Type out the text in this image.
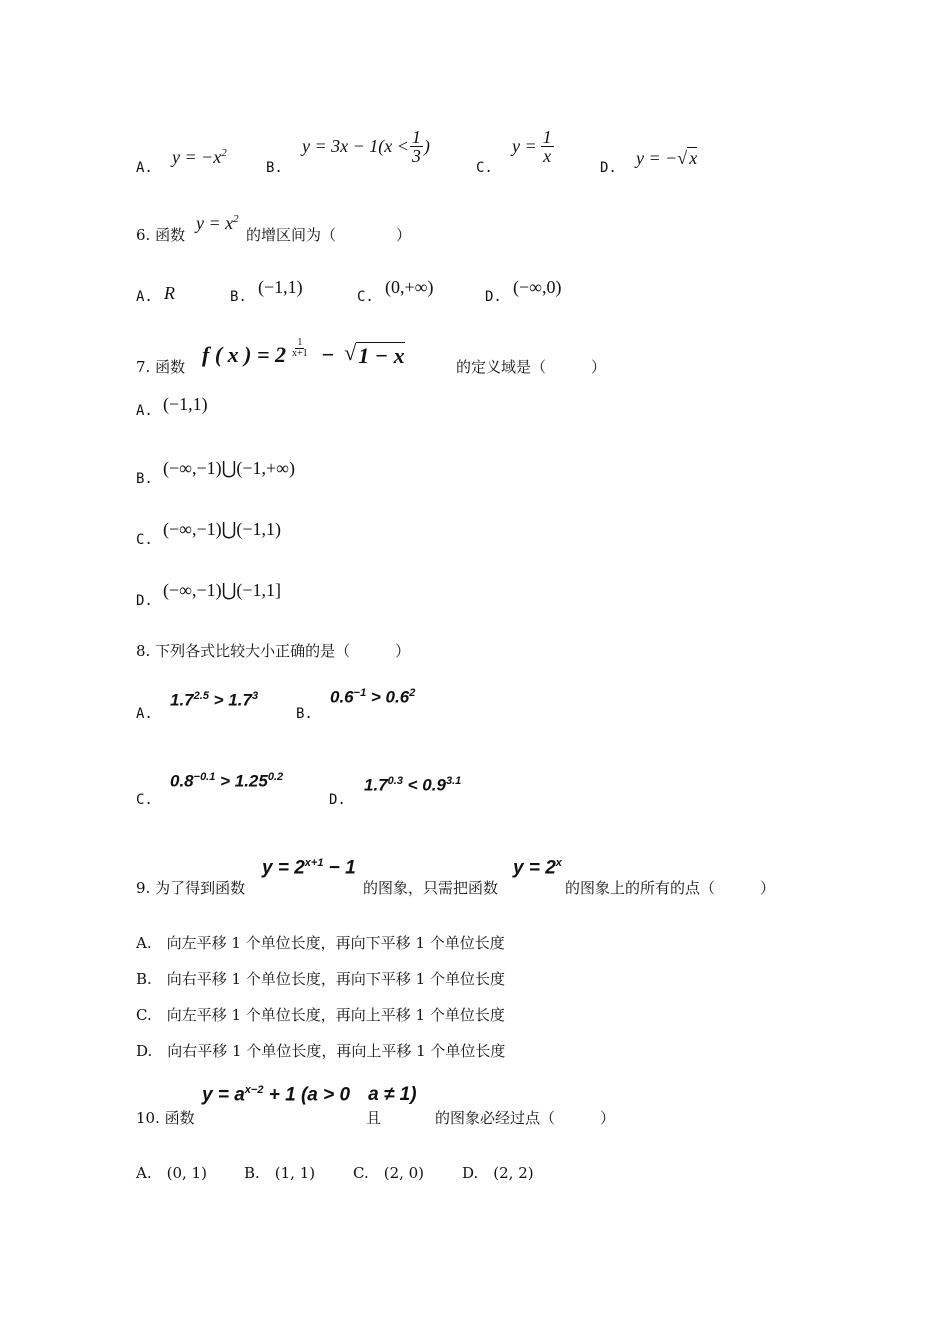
A.
$y = -x^2$
B.
$y = 3x - 1(x < \frac{1}{3}$ )
C.
$y = \frac{1}{x}$
D. y = −√ x
6. 函数
$y = x^2$
的增区间为（　　　　）
A. R	B. (−1,1)	C. (0,+∞)	D. (−∞,0)
7. 函数 f ( x ) = $2 \frac{1}{x+1}$ − √ 1 − x	的定义域是（　　　）
A. (−1,1)
B.
(−∞,−1)⋃(−1,+∞)
C.
(−∞,−1)⋃(−1,1)
D.
(−∞,−1)⋃(−1,1]
8. 下列各式比较大小正确的是（　　　）
A.
$1.7^{2.5} > 1.7^3$
B.
$0.6^{-1} > 0.6^2$
C.
$0.8^{-0.1} > 1.25^{0.2}$
D.
$1.7^{0.3} < 0.9^{3.1}$
9. 为了得到函数
$y = 2^{x+1} - 1$
的图象，只需把函数
$y = 2^x$
的图象上的所有的点（　　　）
A.　向左平移 1 个单位长度，再向下平移 1 个单位长度
B.　向右平移 1 个单位长度，再向下平移 1 个单位长度
C.　向左平移 1 个单位长度，再向上平移 1 个单位长度
D.　向右平移 1 个单位长度，再向上平移 1 个单位长度
10. 函数
$y = a^{x-2} + 1$ (a > 0 a ≠ 1)
且	的图象必经过点（　　　）
A.　(0, 1) B.　(1, 1)	C.　(2, 0)	D.　(2, 2)
